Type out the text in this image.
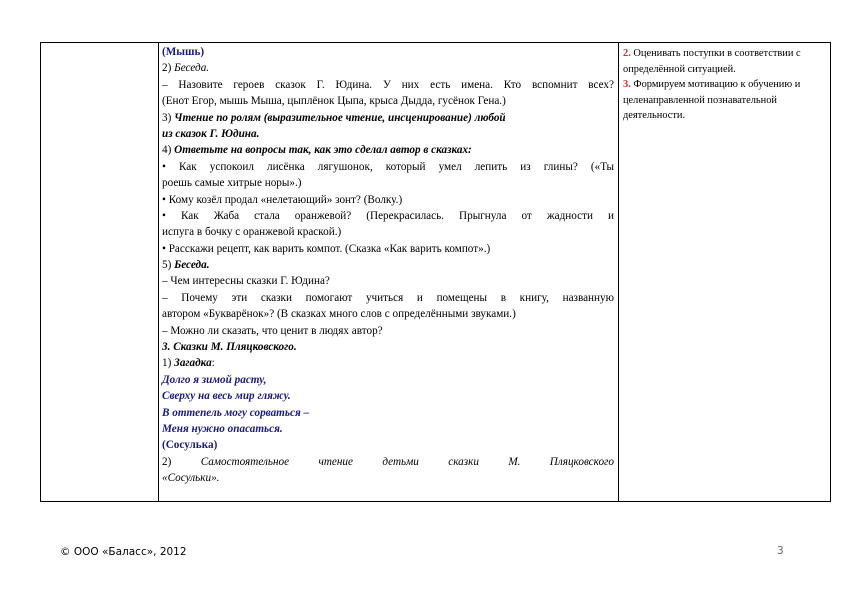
(Мышь)
2) Беседа.
– Назовите героев сказок Г. Юдина. У них есть имена. Кто вспомнит всех?
(Енот Егор, мышь Мыша, цыплёнок Цыпа, крыса Дыдда, гусёнок Гена.)
3) Чтение по ролям (выразительное чтение, инсценирование) любой
из сказок Г. Юдина.
4) Ответьте на вопросы так, как это сделал автор в сказках:
• Как успокоил лисёнка лягушонок, который умел лепить из глины? («Ты
роешь самые хитрые норы».)
• Кому козёл продал «нелетающий» зонт? (Волку.)
• Как Жаба стала оранжевой? (Перекрасилась. Прыгнула от жадности и
испуга в бочку с оранжевой краской.)
• Расскажи рецепт, как варить компот. (Сказка «Как варить компот».)
5) Беседа.
– Чем интересны сказки Г. Юдина?
– Почему эти сказки помогают учиться и помещены в книгу, названную
автором «Букварёнок»? (В сказках много слов с определёнными звуками.)
– Можно ли сказать, что ценит в людях автор?
3. Сказки М. Пляцковского.
1) Загадка:
Долго я зимой расту,
Сверху на весь мир гляжу.
В оттепель могу сорваться –
Меня нужно опасаться.
(Сосулька)
2) Самостоятельное чтение детьми сказки М. Пляцковского
«Сосульки».
2. Оценивать поступки в соответствии с определённой ситуацией.
3. Формируем мотивацию к обучению и целенаправленной познавательной деятельности.
© ООО «Баласс», 2012	3
